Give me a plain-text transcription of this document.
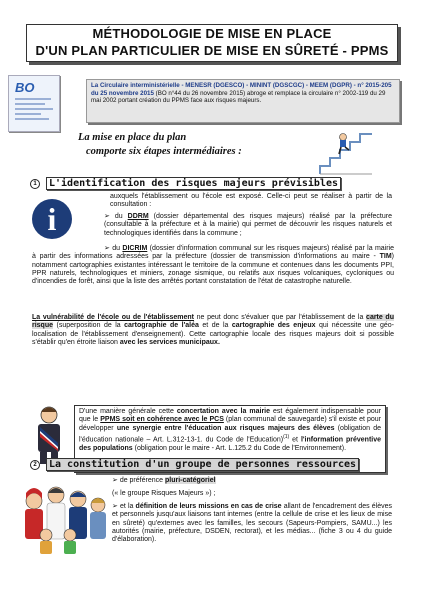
MÉTHODOLOGIE DE MISE EN PLACE
D'UN PLAN PARTICULIER DE MISE EN SÛRETÉ - PPMS
BO	La Circulaire interministérielle - MENESR (DGESCO) - MININT (DGSCGC) - MEEM (DGPR) - n° 2015-205 du 25 novembre 2015 (BO n°44 du 26 novembre 2015) abroge et remplace la circulaire n° 2002-119 du 29 mai 2002 portant création du PPMS face aux risques majeurs.
La mise en place du plan
comporte six étapes intermédiaires :
1	L'identification des risques majeurs prévisibles
i
auxquels l'établissement ou l'école est exposé. Celle-ci peut se réaliser à partir de la consultation :
➢ du DDRM (dossier départemental des risques majeurs) réalisé par la préfecture (consultable à la préfecture et à la mairie) qui permet de découvrir les risques naturels et technologiques identifiés dans la commune ;
➢ du DICRIM (dossier d'information communal sur les risques majeurs) réalisé par la mairie à partir des informations adressées par la préfecture (dossier de transmission d'informations au maire - TIM) notamment cartographies existantes intéressant le territoire de la commune et contenues dans les documents PPI, PPR naturels, technologiques et miniers, zonage sismique, ou relatifs aux risques volcaniques, cycloniques ou d'incendies de forêt, ainsi que la liste des arrêtés portant constatation de l'état de catastrophe naturelle.
La vulnérabilité de l'école ou de l'établissement ne peut donc s'évaluer que par l'établissement de la carte du risque (superposition de la cartographie de l'aléa et de la cartographie des enjeux qui nécessite une géo-localisation de l'établissement d'enseignement). Cette cartographie locale des risques majeurs doit si possible s'établir qu'en étroite liaison avec les services municipaux.
D'une manière générale cette concertation avec la mairie est également indispensable pour que le PPMS soit en cohérence avec le PCS (plan communal de sauvegarde) s'il existe et pour développer une synergie entre l'éducation aux risques majeurs des élèves (obligation de l'éducation nationale – Art. L.312-13-1. du Code de l'Education)$^{(1)}$ et l'information préventive des populations (obligation pour le maire - Art. L.125.2 du Code de l'Environnement).
2	La constitution d'un groupe de personnes ressources
➢ de préférence pluri-catégoriel
(« le groupe Risques Majeurs ») ;
➢ et la définition de leurs missions en cas de crise allant de l'encadrement des élèves et personnels jusqu'aux liaisons tant internes (entre la cellule de crise et les lieux de mise en sûreté) qu'externes avec les familles, les secours (Sapeurs-Pompiers, SAMU...) les autorités (mairie, préfecture, DSDEN, rectorat), et les médias... (fiche 3 ou 4 du guide d'élaboration).
